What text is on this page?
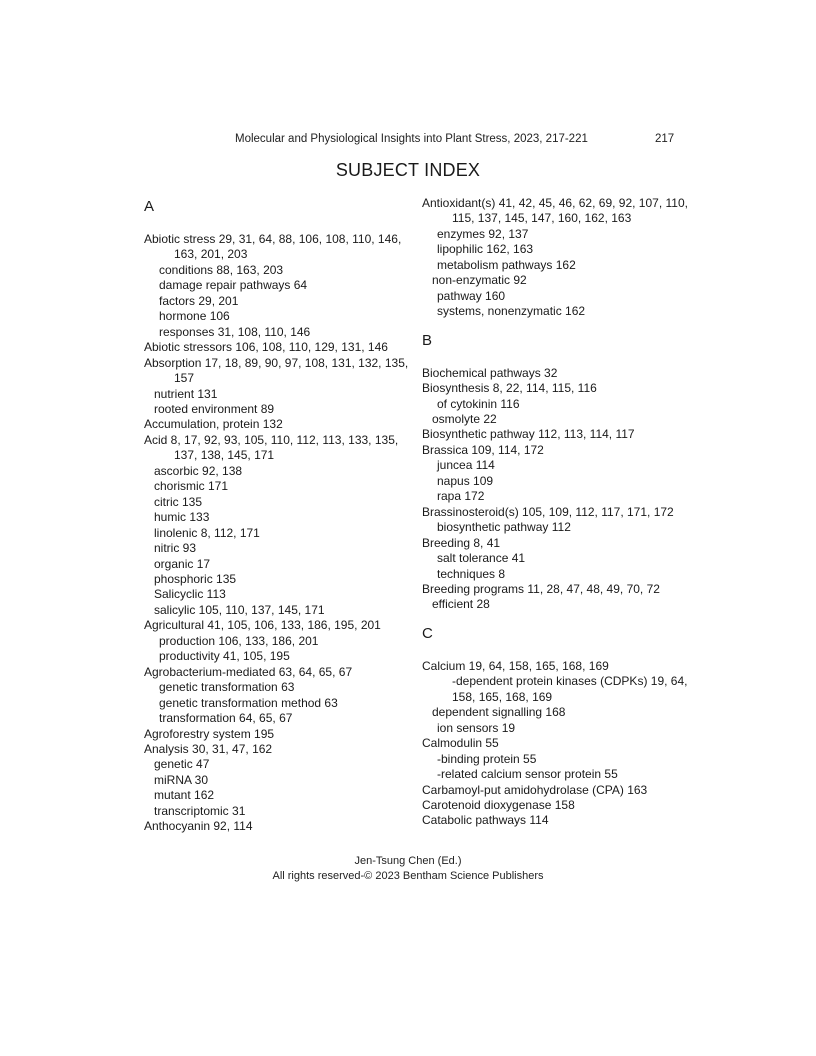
Molecular and Physiological Insights into Plant Stress, 2023, 217-221	217
SUBJECT INDEX
A
Abiotic stress 29, 31, 64, 88, 106, 108, 110, 146, 163, 201, 203
conditions 88, 163, 203
damage repair pathways 64
factors 29, 201
hormone 106
responses 31, 108, 110, 146
Abiotic stressors 106, 108, 110, 129, 131, 146
Absorption 17, 18, 89, 90, 97, 108, 131, 132, 135, 157
nutrient 131
rooted environment 89
Accumulation, protein 132
Acid 8, 17, 92, 93, 105, 110, 112, 113, 133, 135, 137, 138, 145, 171
ascorbic 92, 138
chorismic 171
citric 135
humic 133
linolenic 8, 112, 171
nitric 93
organic 17
phosphoric 135
Salicyclic 113
salicylic 105, 110, 137, 145, 171
Agricultural 41, 105, 106, 133, 186, 195, 201
production 106, 133, 186, 201
productivity 41, 105, 195
Agrobacterium-mediated 63, 64, 65, 67
genetic transformation 63
genetic transformation method 63
transformation 64, 65, 67
Agroforestry system 195
Analysis 30, 31, 47, 162
genetic 47
miRNA 30
mutant 162
transcriptomic 31
Anthocyanin 92, 114
Antioxidant(s) 41, 42, 45, 46, 62, 69, 92, 107, 110, 115, 137, 145, 147, 160, 162, 163
enzymes 92, 137
lipophilic 162, 163
metabolism pathways 162
non-enzymatic 92
pathway 160
systems, nonenzymatic 162
B
Biochemical pathways 32
Biosynthesis 8, 22, 114, 115, 116
of cytokinin 116
osmolyte 22
Biosynthetic pathway 112, 113, 114, 117
Brassica 109, 114, 172
juncea 114
napus 109
rapa 172
Brassinosteroid(s) 105, 109, 112, 117, 171, 172
biosynthetic pathway 112
Breeding 8, 41
salt tolerance 41
techniques 8
Breeding programs 11, 28, 47, 48, 49, 70, 72
efficient 28
C
Calcium 19, 64, 158, 165, 168, 169
-dependent protein kinases (CDPKs) 19, 64, 158, 165, 168, 169
dependent signalling 168
ion sensors 19
Calmodulin 55
-binding protein 55
-related calcium sensor protein 55
Carbamoyl-put amidohydrolase (CPA) 163
Carotenoid dioxygenase 158
Catabolic pathways 114
Jen-Tsung Chen (Ed.)
All rights reserved-© 2023 Bentham Science Publishers
